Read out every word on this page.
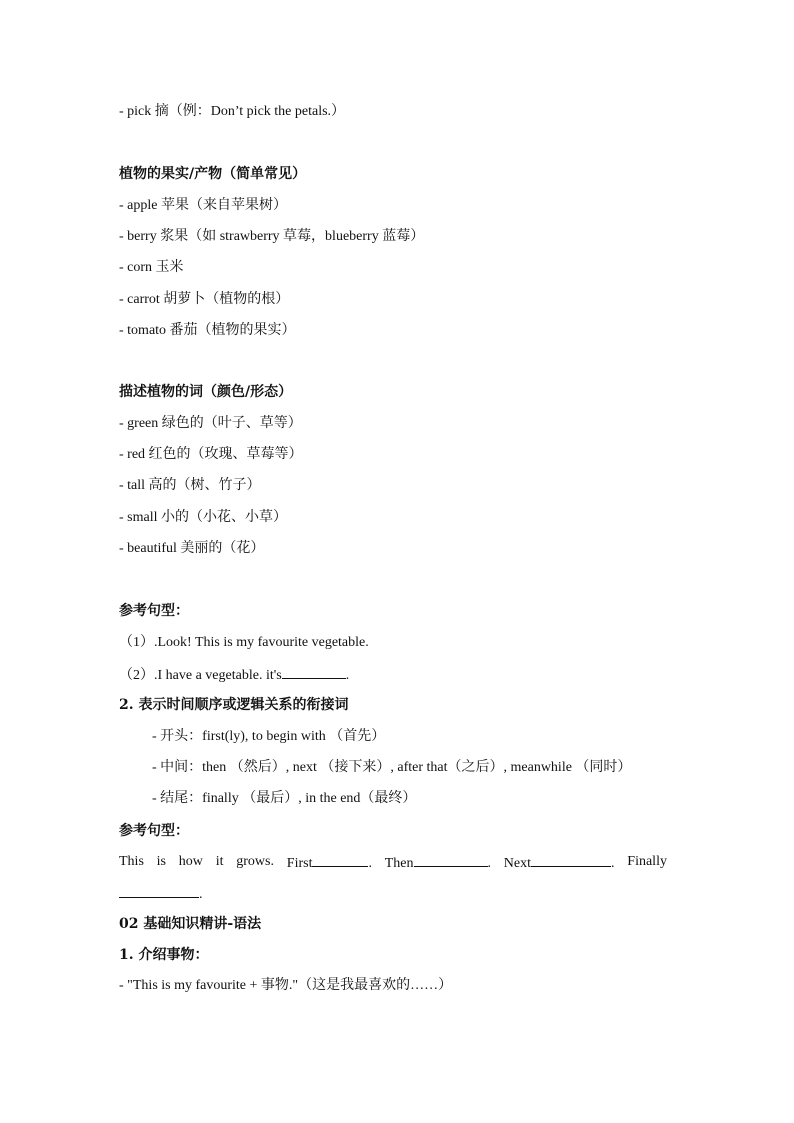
- pick 摘（例：Don’t pick the petals.）
植物的果实/产物（简单常见）
- apple 苹果（来自苹果树）
- berry 浆果（如 strawberry 草莓，blueberry 蓝莓）
- corn 玉米
- carrot 胡萝卜（植物的根）
- tomato 番茄（植物的果实）
描述植物的词（颜色/形态）
- green 绿色的（叶子、草等）
- red 红色的（玫瑰、草莓等）
- tall 高的（树、竹子）
- small 小的（小花、小草）
- beautiful 美丽的（花）
参考句型：
（1）.Look! This is my favourite vegetable.
（2）.I have a vegetable. it's	.
2. 表示时间顺序或逻辑关系的衔接词
- 开头：first(ly), to begin with （首先）
- 中间：then （然后）, next （接下来）, after that（之后）, meanwhile （同时）
- 结尾：finally （最后）, in the end（最终）
参考句型：
This is how it grows. First	. Then	. Next	. Finally
.
02 基础知识精讲-语法
1. 介绍事物：
- "This is my favourite + 事物."（这是我最喜欢的……）
